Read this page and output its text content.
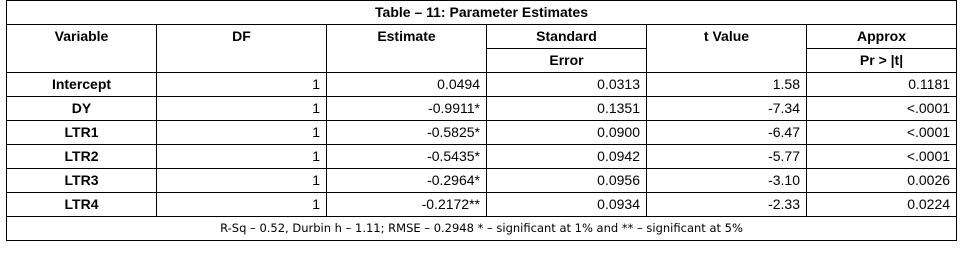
Table – 11: Parameter Estimates					
Variable	DF	Estimate	Standard	t Value	Approx
			Error		Pr > |t|
Intercept	1	0.0494	0.0313	1.58	0.1181
DY	1	-0.9911*	0.1351	-7.34	<.0001
LTR1	1	-0.5825*	0.0900	-6.47	<.0001
LTR2	1	-0.5435*	0.0942	-5.77	<.0001
LTR3	1	-0.2964*	0.0956	-3.10	0.0026
LTR4	1	-0.2172**	0.0934	-2.33	0.0224
R-Sq – 0.52, Durbin h – 1.11; RMSE – 0.2948 * – significant at 1% and ** – significant at 5%					
